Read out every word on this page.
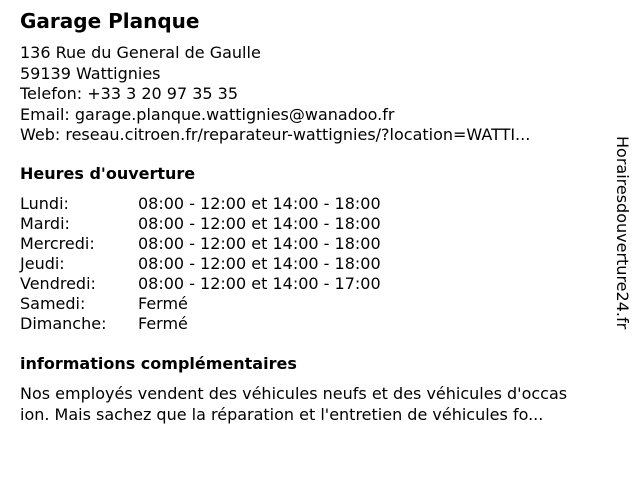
Garage Planque
136 Rue du General de Gaulle
59139 Wattignies
Telefon: +33 3 20 97 35 35
Email: garage.planque.wattignies@wanadoo.fr
Web: reseau.citroen.fr/reparateur-wattignies/?location=WATTI...
Heures d'ouverture
Lundi:	08:00 - 12:00 et 14:00 - 18:00
Mardi:	08:00 - 12:00 et 14:00 - 18:00
Mercredi:	08:00 - 12:00 et 14:00 - 18:00
Jeudi:	08:00 - 12:00 et 14:00 - 18:00
Vendredi:	08:00 - 12:00 et 14:00 - 17:00
Samedi:	Fermé
Dimanche:	Fermé
informations complémentaires
Nos employés vendent des véhicules neufs et des véhicules d'occas
ion. Mais sachez que la réparation et l'entretien de véhicules fo...
Horairesdouverture24.fr
